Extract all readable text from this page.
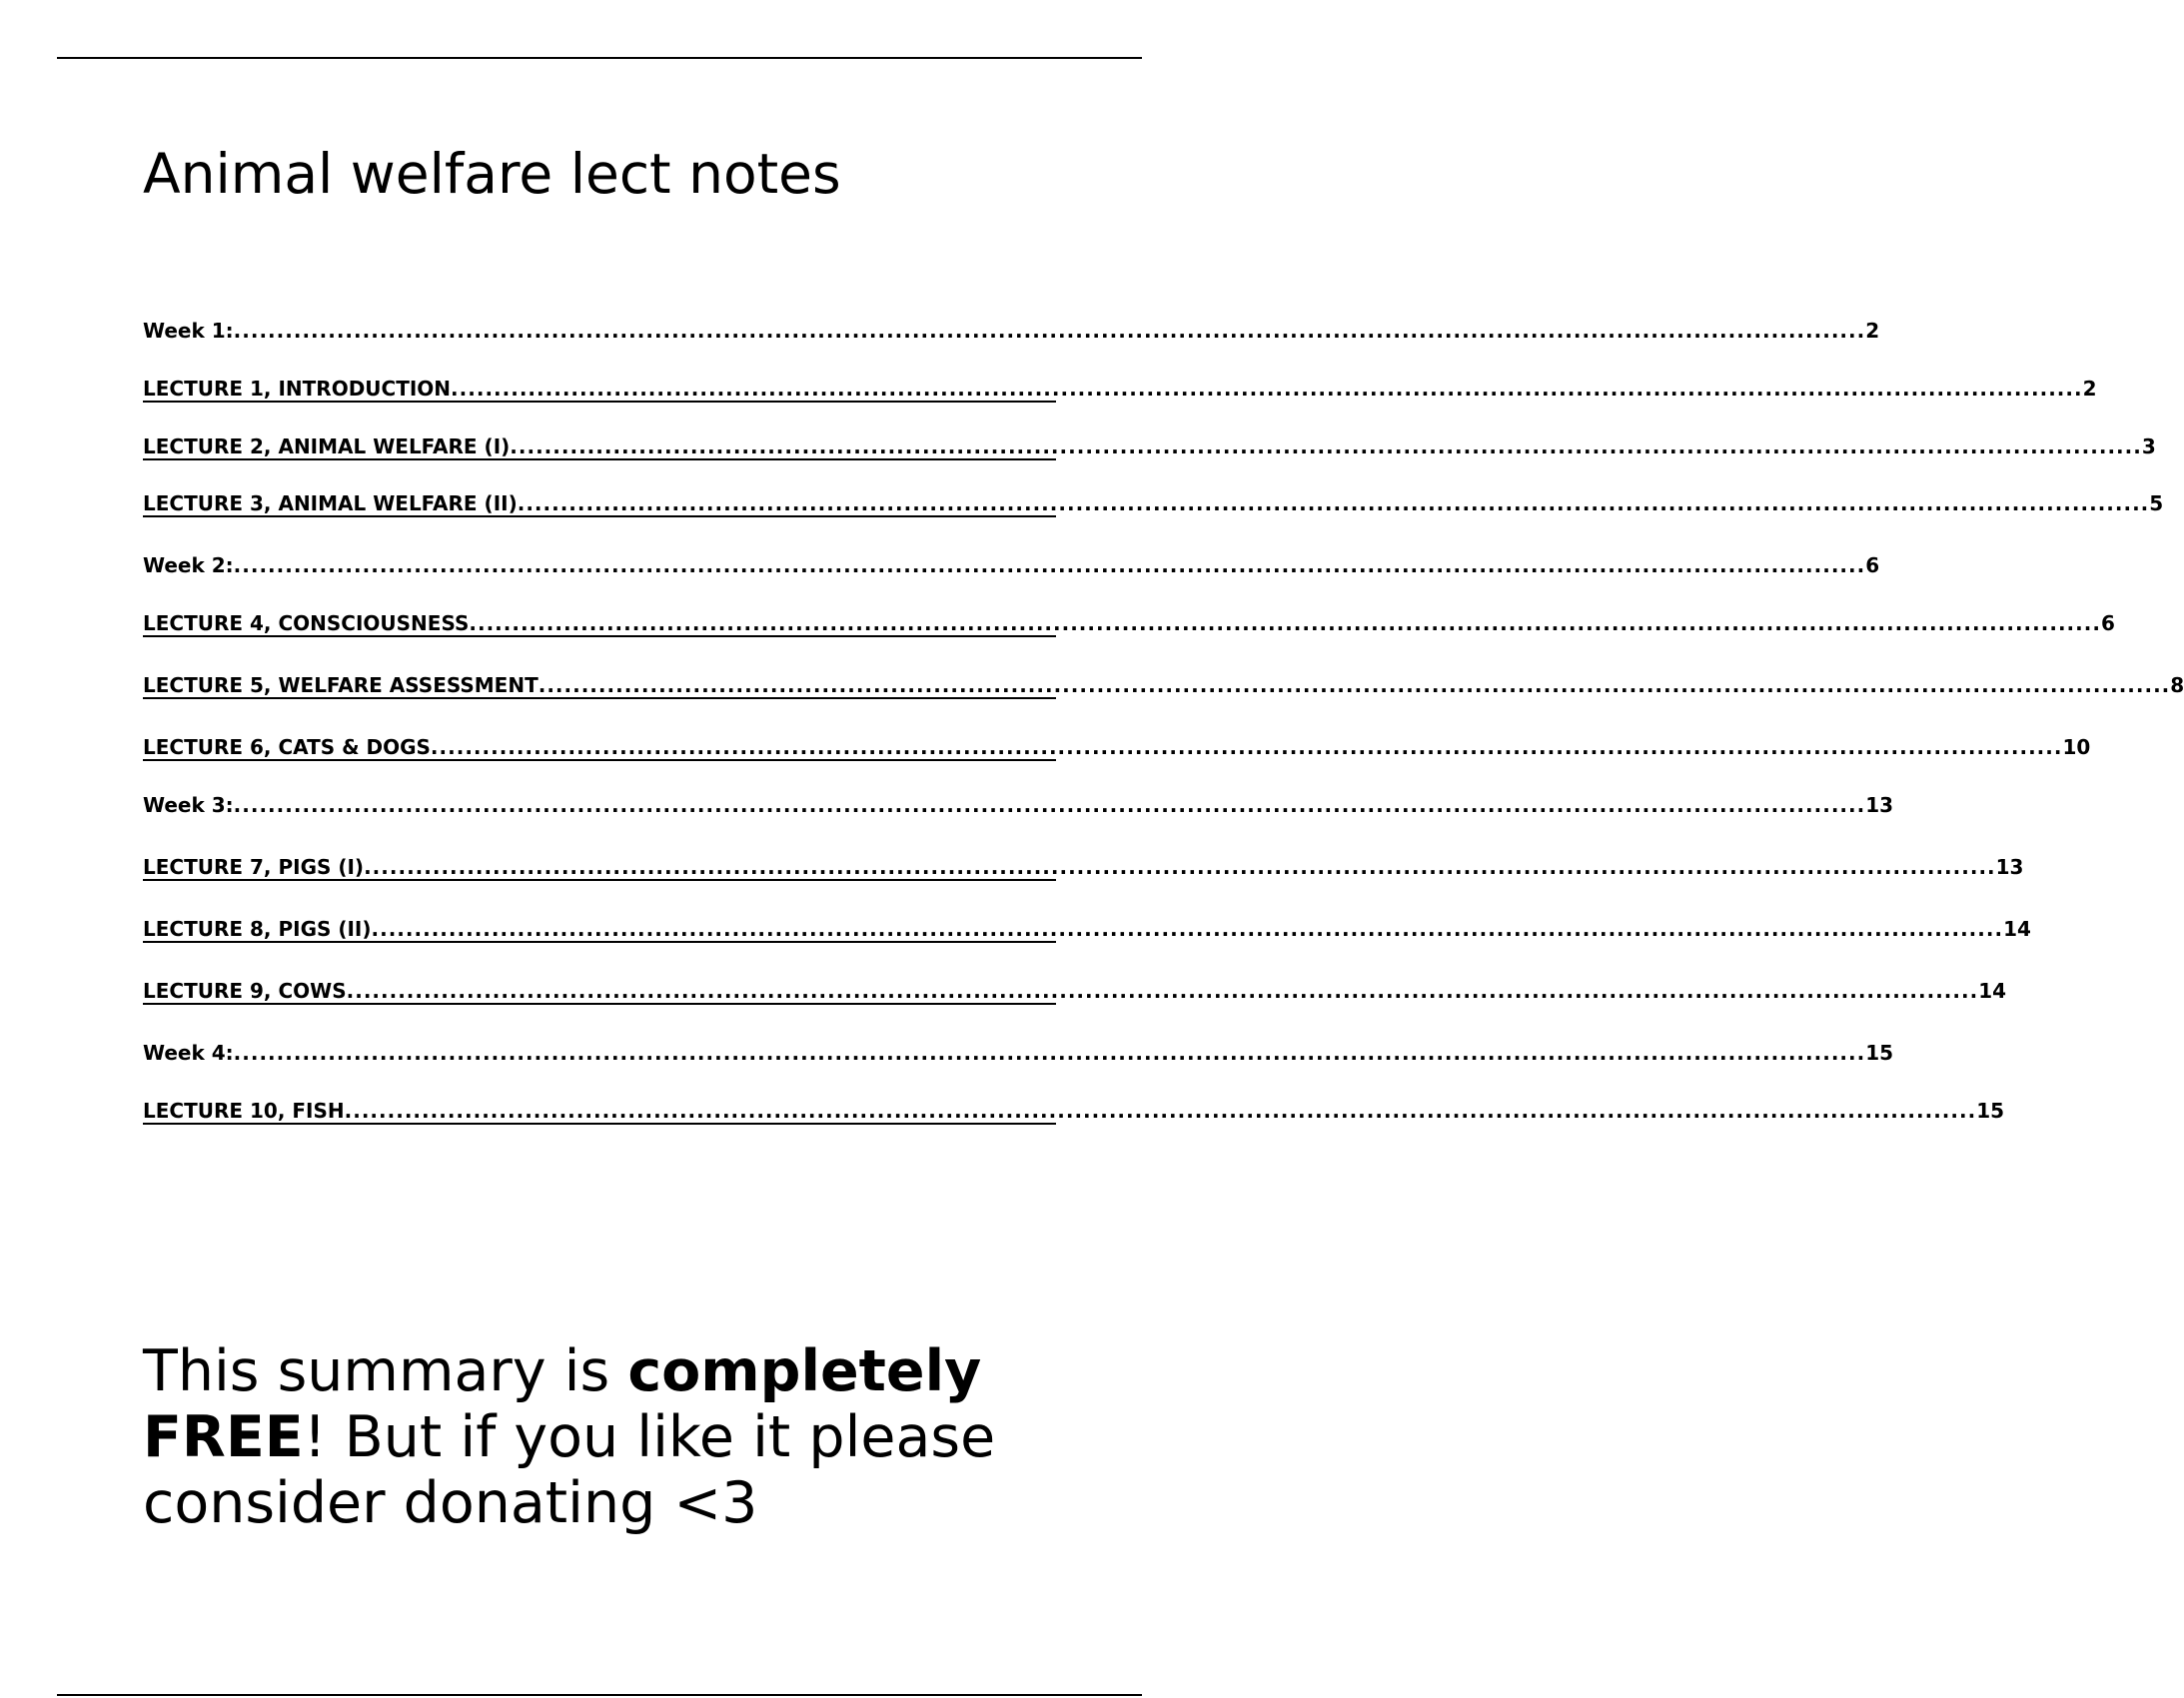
Animal welfare lect notes
Week 1: .............................................................................................................................................................................................. 2
LECTURE 1, INTRODUCTION .............................................................................................................................................................................................. 2
LECTURE 2, ANIMAL WELFARE (I) .............................................................................................................................................................................................. 3
LECTURE 3, ANIMAL WELFARE (II) .............................................................................................................................................................................................. 5
Week 2: .............................................................................................................................................................................................. 6
LECTURE 4, CONSCIOUSNESS .............................................................................................................................................................................................. 6
LECTURE 5, WELFARE ASSESSMENT .............................................................................................................................................................................................. 8
LECTURE 6, CATS & DOGS .............................................................................................................................................................................................. 10
Week 3: .............................................................................................................................................................................................. 13
LECTURE 7, PIGS (I) .............................................................................................................................................................................................. 13
LECTURE 8, PIGS (II) .............................................................................................................................................................................................. 14
LECTURE 9, COWS .............................................................................................................................................................................................. 14
Week 4: .............................................................................................................................................................................................. 15
LECTURE 10, FISH .............................................................................................................................................................................................. 15

This summary is completely FREE! But if you like it please consider donating <3
